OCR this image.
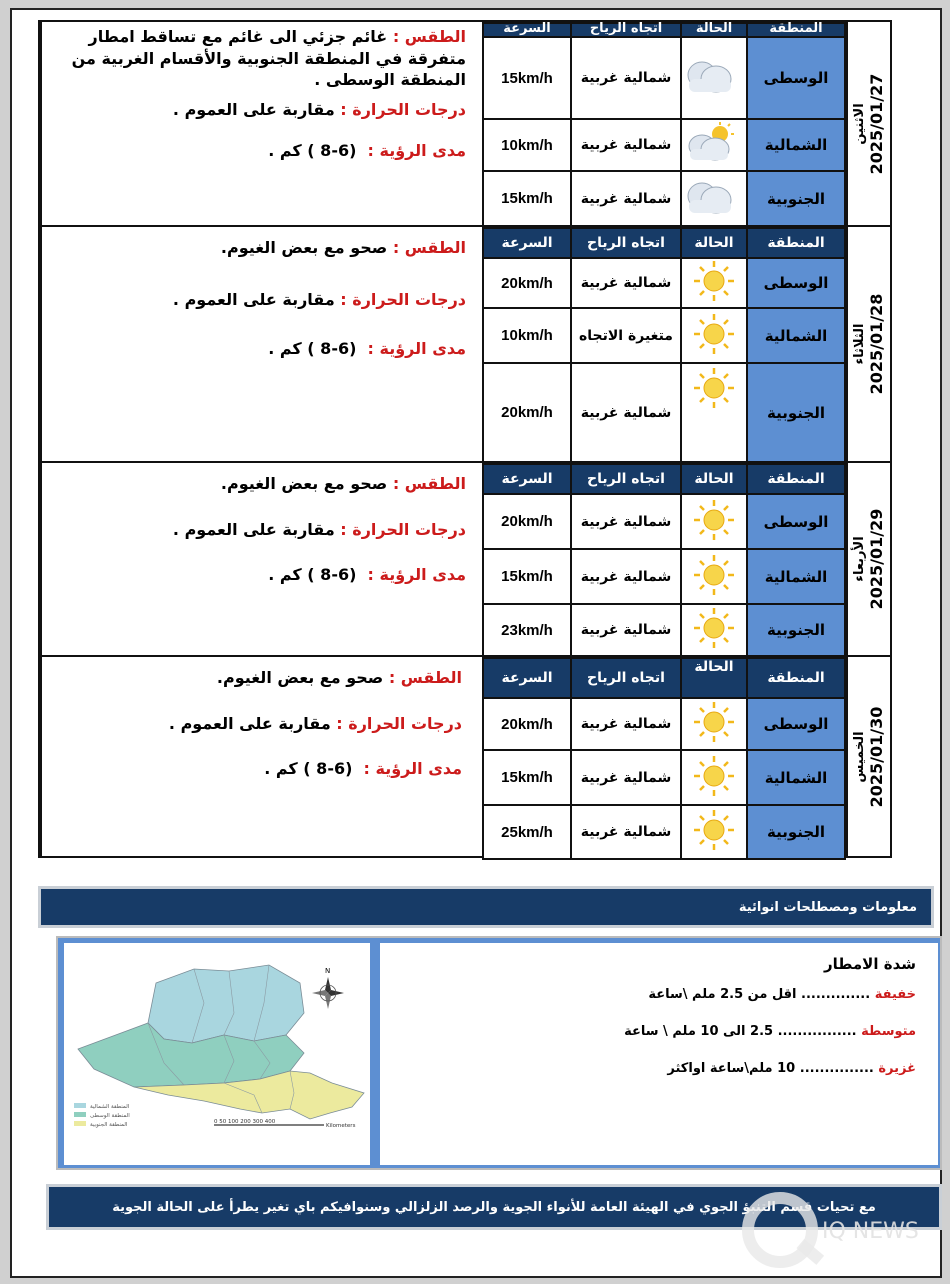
الاثنين 2025/01/27
المنطقة	الحالة	اتجاه الرياح	السرعة
الوسطى		شمالية غربية	15km/h
الشمالية		شمالية غربية	10km/h
الجنوبية		شمالية غربية	15km/h
الطقس : غائم جزئي الى غائم مع تساقط امطار متفرقة في المنطقة الجنوبية والأقسام الغربية من المنطقة الوسطى .
درجات الحرارة : مقاربة على العموم .
مدى الرؤية :  (6-8 ) كم .
الثلاثاء 2025/01/28
المنطقة	الحالة	اتجاه الرياح	السرعة
الوسطى		شمالية غربية	20km/h
الشمالية		متغيرة الاتجاه	10km/h
الجنوبية		شمالية غربية	20km/h
الطقس : صحو مع بعض الغيوم.
درجات الحرارة : مقاربة على العموم .
مدى الرؤية :  (6-8 ) كم .
الأربعاء 2025/01/29
المنطقة	الحالة	اتجاه الرياح	السرعة
الوسطى		شمالية غربية	20km/h
الشمالية		شمالية غربية	15km/h
الجنوبية		شمالية غربية	23km/h
الطقس : صحو مع بعض الغيوم.
درجات الحرارة : مقاربة على العموم .
مدى الرؤية :  (6-8 ) كم .
الخميس 2025/01/30
المنطقة	الحالة	اتجاه الرياح	السرعة
الوسطى		شمالية غربية	20km/h
الشمالية		شمالية غربية	15km/h
الجنوبية		شمالية غربية	25km/h
الطقس : صحو مع بعض الغيوم.
درجات الحرارة : مقاربة على العموم .
مدى الرؤية :  (6-8 ) كم .
معلومات ومصطلحات انوائية
N
المنطقة الشمالية
المنطقة الوسطى
المنطقة الجنوبية	0 50 100 200 300 400
Kilometers
شدة الامطار
خفيفة .............. اقل من 2.5 ملم \ساعة
متوسطة ................ 2.5 الى 10 ملم \ ساعة
غزيرة ............... 10 ملم\ساعة اواكثر
مع تحيات قسم التنبؤ الجوي في الهيئة العامة للأنواء الجوية والرصد الزلزالي وسنوافيكم باي تغير يطرأ على الحالة الجوية
IQ NEWS
